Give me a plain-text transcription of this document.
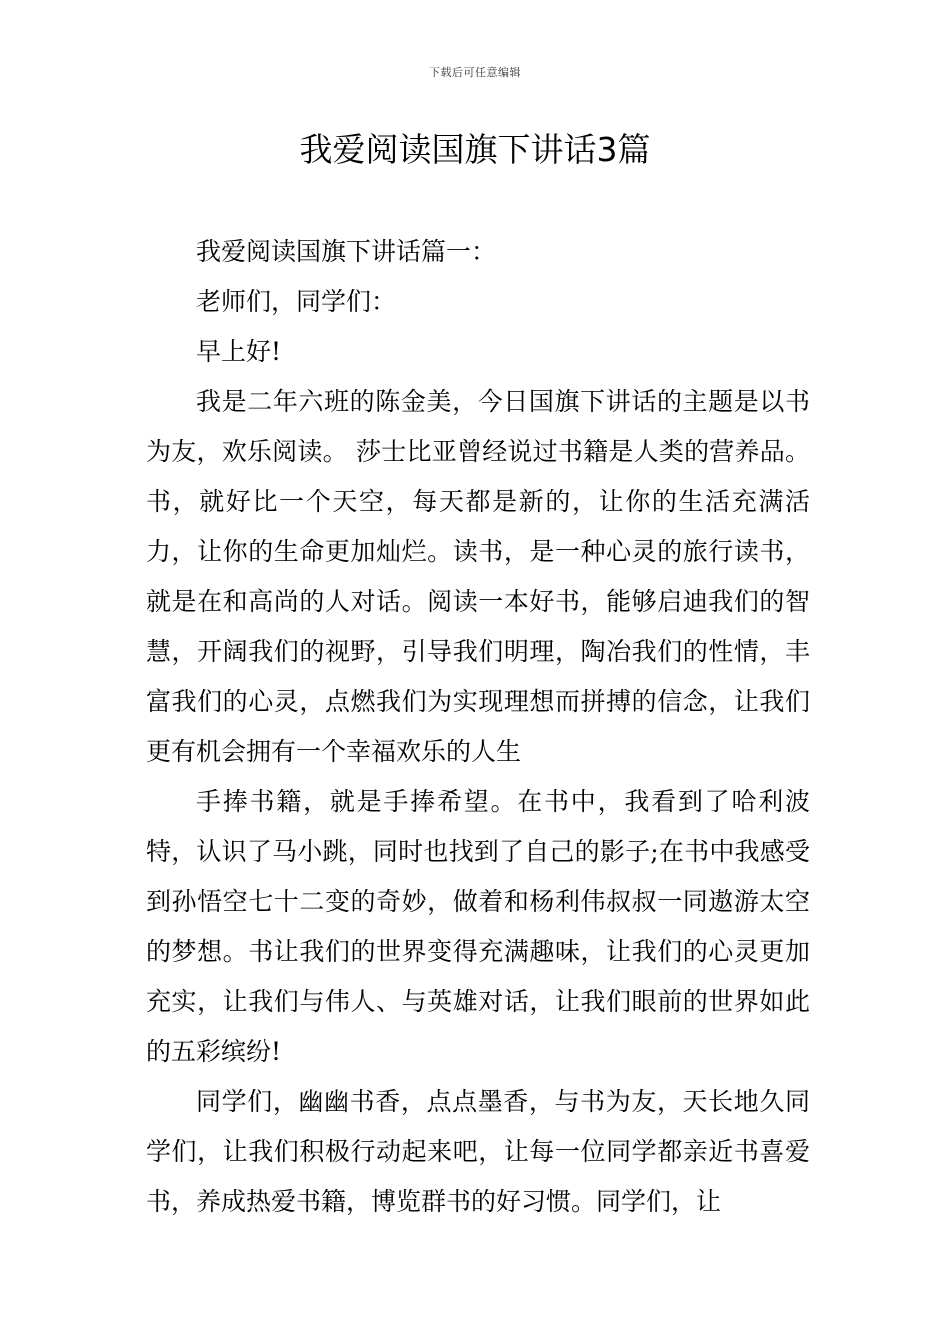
下载后可任意编辑
我爱阅读国旗下讲话3篇

我爱阅读国旗下讲话篇一：

老师们，同学们：

早上好!

我是二年六班的陈金美，今日国旗下讲话的主题是以书为友，欢乐阅读。 莎士比亚曾经说过书籍是人类的营养品。书，就好比一个天空，每天都是新的，让你的生活充满活力，让你的生命更加灿烂。读书，是一种心灵的旅行读书，就是在和高尚的人对话。阅读一本好书，能够启迪我们的智慧，开阔我们的视野，引导我们明理，陶冶我们的性情，丰富我们的心灵，点燃我们为实现理想而拼搏的信念，让我们更有机会拥有一个幸福欢乐的人生

手捧书籍，就是手捧希望。在书中，我看到了哈利波特，认识了马小跳，同时也找到了自己的影子;在书中我感受到孙悟空七十二变的奇妙，做着和杨利伟叔叔一同遨游太空的梦想。书让我们的世界变得充满趣味，让我们的心灵更加充实，让我们与伟人、与英雄对话，让我们眼前的世界如此的五彩缤纷!

同学们，幽幽书香，点点墨香，与书为友，天长地久同学们，让我们积极行动起来吧，让每一位同学都亲近书喜爱书，养成热爱书籍，博览群书的好习惯。同学们，让
